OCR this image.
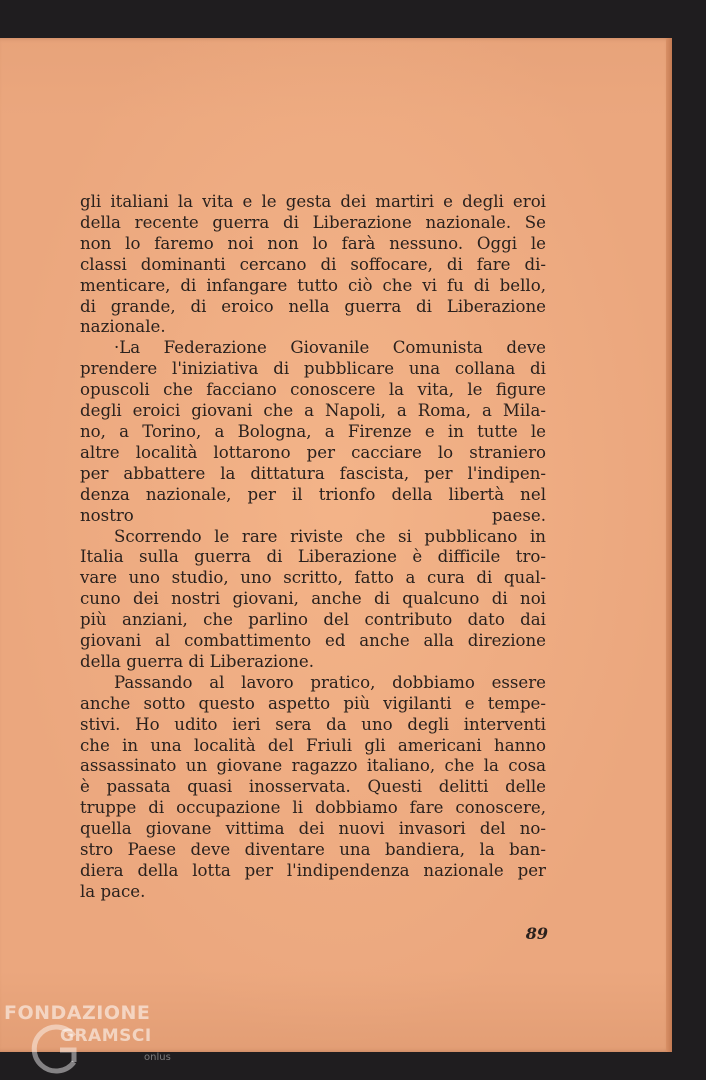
gli italiani la vita e le gesta dei martiri e degli eroi
della recente guerra di Liberazione nazionale. Se
non lo faremo noi non lo farà nessuno. Oggi le
classi dominanti cercano di soffocare, di fare di-
menticare, di infangare tutto ciò che vi fu di bello,
di grande, di eroico nella guerra di Liberazione
nazionale.

·La Federazione Giovanile Comunista deve
prendere l'iniziativa di pubblicare una collana di
opuscoli che facciano conoscere la vita, le figure
degli eroici giovani che a Napoli, a Roma, a Mila-
no, a Torino, a Bologna, a Firenze e in tutte le
altre località lottarono per cacciare lo straniero
per abbattere la dittatura fascista, per l'indipen-
denza nazionale, per il trionfo della libertà nel
nostro paese.

Scorrendo le rare riviste che si pubblicano in
Italia sulla guerra di Liberazione è difficile tro-
vare uno studio, uno scritto, fatto a cura di qual-
cuno dei nostri giovani, anche di qualcuno di noi
più anziani, che parlino del contributo dato dai
giovani al combattimento ed anche alla direzione
della guerra di Liberazione.

Passando al lavoro pratico, dobbiamo essere
anche sotto questo aspetto più vigilanti e tempe-
stivi. Ho udito ieri sera da uno degli interventi
che in una località del Friuli gli americani hanno
assassinato un giovane ragazzo italiano, che la cosa
è passata quasi inosservata. Questi delitti delle
truppe di occupazione li dobbiamo fare conoscere,
quella giovane vittima dei nuovi invasori del no-
stro Paese deve diventare una bandiera, la ban-
diera della lotta per l'indipendenza nazionale per
la pace.

89
FONDAZIONE
GRAMSCI
onlus
